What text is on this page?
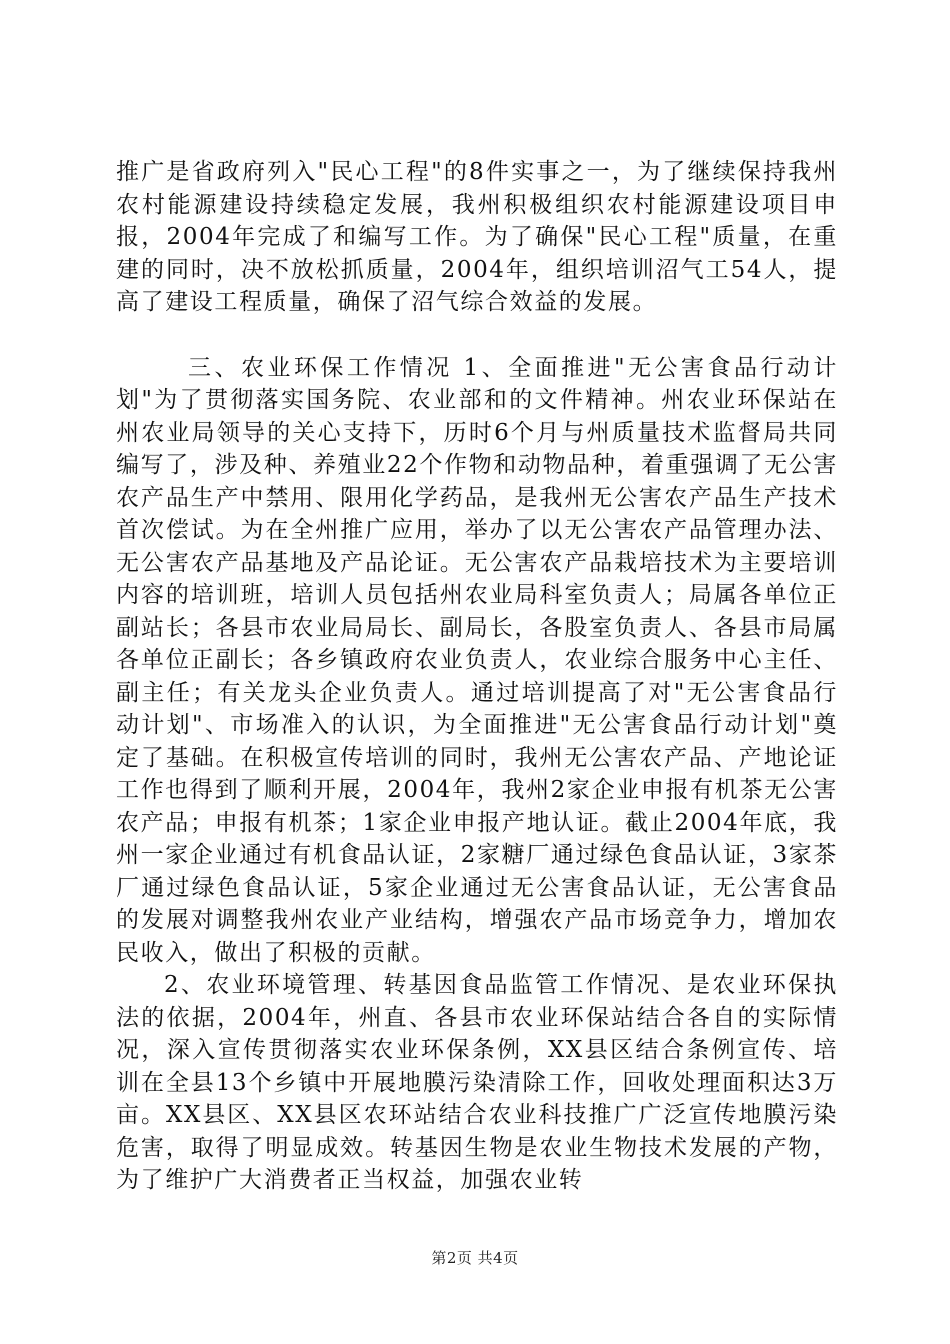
推广是省政府列入"民心工程"的8件实事之一，为了继续保持我州农村能源建设持续稳定发展，我州积极组织农村能源建设项目申报，2004年完成了和编写工作。为了确保"民心工程"质量，在重建的同时，决不放松抓质量，2004年，组织培训沼气工54人，提高了建设工程质量，确保了沼气综合效益的发展。

三、农业环保工作情况 1、全面推进"无公害食品行动计划"为了贯彻落实国务院、农业部和的文件精神。州农业环保站在州农业局领导的关心支持下，历时6个月与州质量技术监督局共同编写了，涉及种、养殖业22个作物和动物品种，着重强调了无公害农产品生产中禁用、限用化学药品，是我州无公害农产品生产技术首次偿试。为在全州推广应用，举办了以无公害农产品管理办法、无公害农产品基地及产品论证。无公害农产品栽培技术为主要培训内容的培训班，培训人员包括州农业局科室负责人；局属各单位正副站长；各县市农业局局长、副局长，各股室负责人、各县市局属各单位正副长；各乡镇政府农业负责人，农业综合服务中心主任、副主任；有关龙头企业负责人。通过培训提高了对"无公害食品行动计划"、市场准入的认识，为全面推进"无公害食品行动计划"奠定了基础。在积极宣传培训的同时，我州无公害农产品、产地论证工作也得到了顺利开展，2004年，我州2家企业申报有机茶无公害农产品；申报有机茶；1家企业申报产地认证。截止2004年底，我州一家企业通过有机食品认证，2家糖厂通过绿色食品认证，3家茶厂通过绿色食品认证，5家企业通过无公害食品认证，无公害食品的发展对调整我州农业产业结构，增强农产品市场竞争力，增加农民收入，做出了积极的贡献。

2、农业环境管理、转基因食品监管工作情况、是农业环保执法的依据，2004年，州直、各县市农业环保站结合各自的实际情况，深入宣传贯彻落实农业环保条例，XX县区结合条例宣传、培训在全县13个乡镇中开展地膜污染清除工作，回收处理面积达3万亩。XX县区、XX县区农环站结合农业科技推广广泛宣传地膜污染危害，取得了明显成效。转基因生物是农业生物技术发展的产物，为了维护广大消费者正当权益，加强农业转

第2页 共4页
